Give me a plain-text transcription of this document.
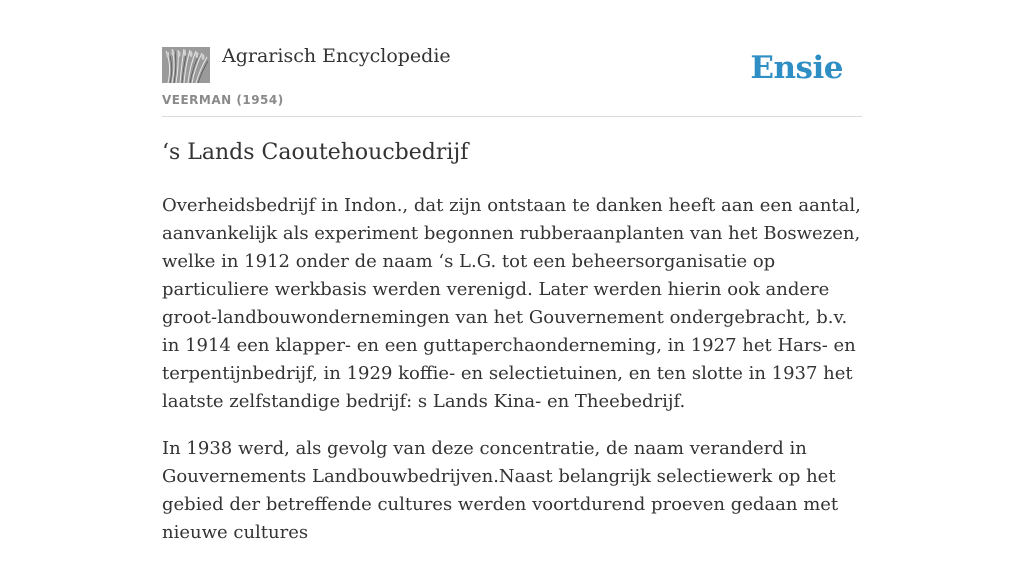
Agrarisch Encyclopedie
VEERMAN (1954)
Ensie
‘s Lands Caoutehoucbedrijf

Overheidsbedrijf in Indon., dat zijn ontstaan te danken heeft aan een aantal, aanvankelijk als experiment begonnen rubberaanplanten van het Boswezen, welke in 1912 onder de naam ‘s L.G. tot een beheersorganisatie op particuliere werkbasis werden verenigd. Later werden hierin ook andere groot-landbouwondernemingen van het Gouvernement ondergebracht, b.v. in 1914 een klapper- en een guttaperchaonderneming, in 1927 het Hars- en terpentijnbedrijf, in 1929 koffie- en selectietuinen, en ten slotte in 1937 het laatste zelfstandige bedrijf: s Lands Kina- en Theebedrijf.

In 1938 werd, als gevolg van deze concentratie, de naam veranderd in Gouvernements Landbouwbedrijven.Naast belangrijk selectiewerk op het gebied der betreffende cultures werden voortdurend proeven gedaan met nieuwe cultures
